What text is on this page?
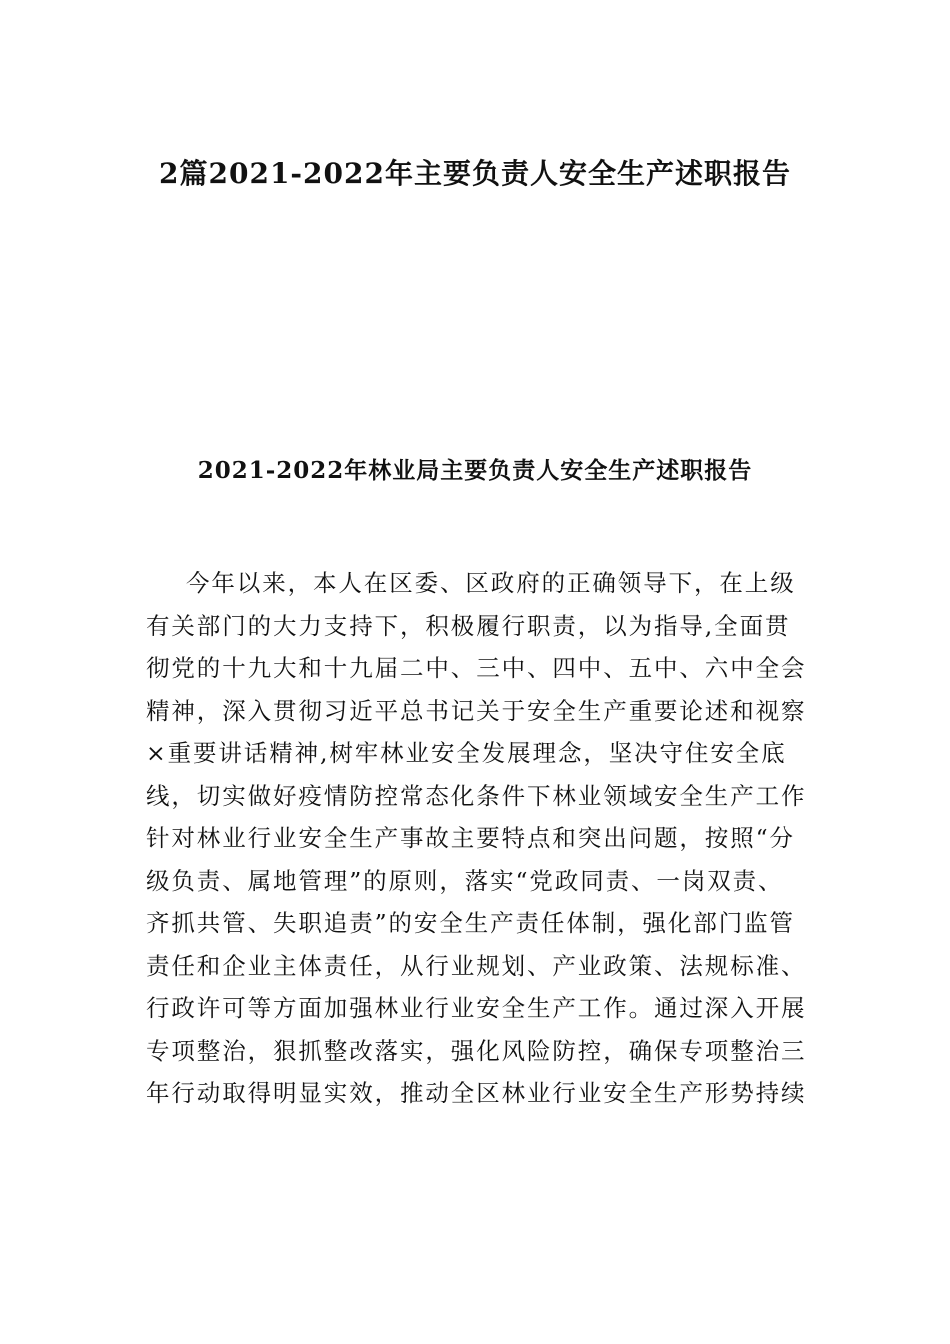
2篇2021-2022年主要负责人安全生产述职报告
2021-2022年林业局主要负责人安全生产述职报告
今年以来，本人在区委、区政府的正确领导下，在上级
有关部门的大力支持下，积极履行职责，以为指导,全面贯
彻党的十九大和十九届二中、三中、四中、五中、六中全会
精神，深入贯彻习近平总书记关于安全生产重要论述和视察
×重要讲话精神,树牢林业安全发展理念，坚决守住安全底
线，切实做好疫情防控常态化条件下林业领域安全生产工作
针对林业行业安全生产事故主要特点和突出问题，按照“分
级负责、属地管理”的原则，落实“党政同责、一岗双责、
齐抓共管、失职追责”的安全生产责任体制，强化部门监管
责任和企业主体责任，从行业规划、产业政策、法规标准、
行政许可等方面加强林业行业安全生产工作。通过深入开展
专项整治，狠抓整改落实，强化风险防控，确保专项整治三
年行动取得明显实效，推动全区林业行业安全生产形势持续
